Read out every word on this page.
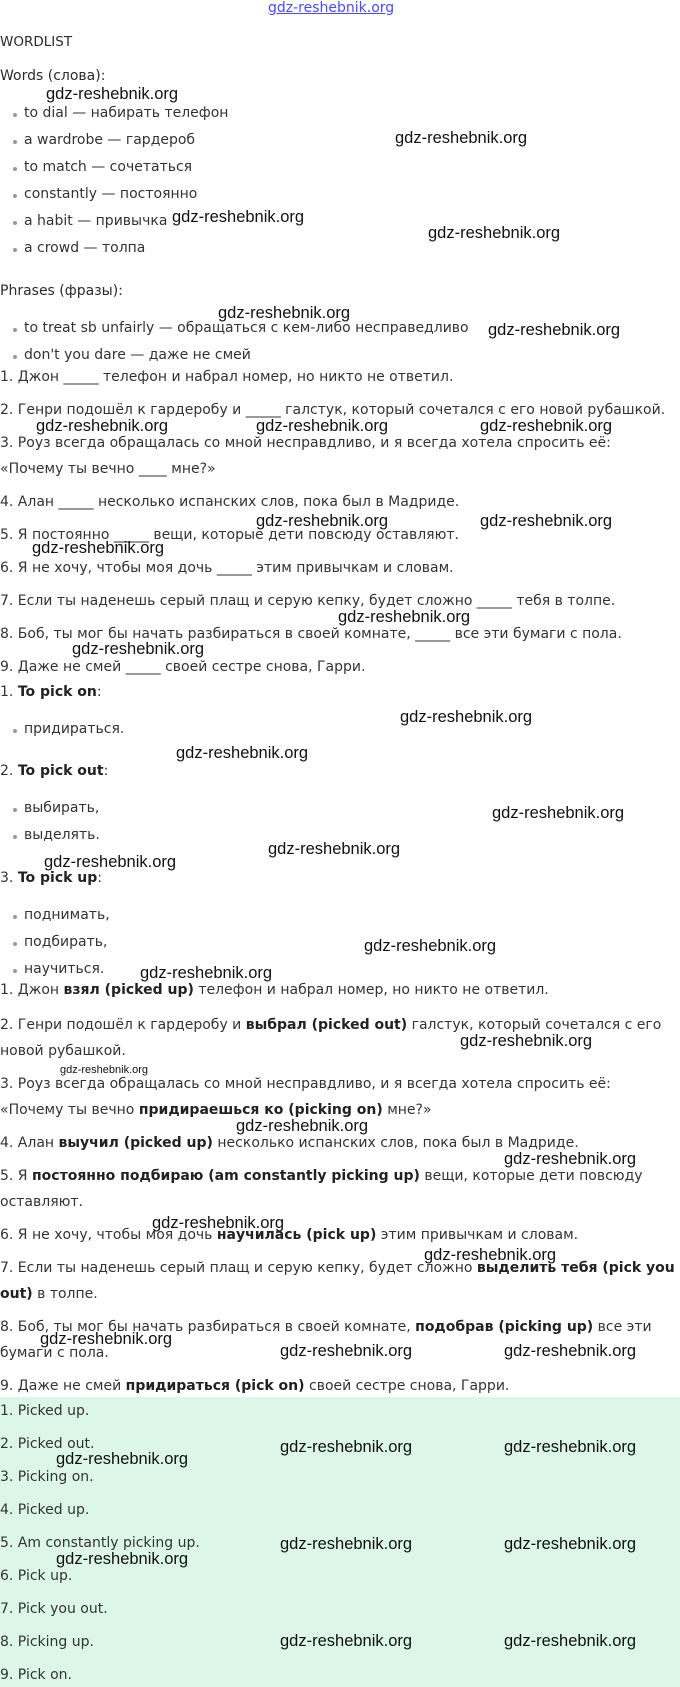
gdz-reshebnik.org
WORDLIST
Words (слова):
to dial — набирать телефон
a wardrobe — гардероб
to match — сочетаться
constantly — постоянно
a habit — привычка
a crowd — толпа
Phrases (фразы):
to treat sb unfairly — обращаться с кем-либо несправедливо
don't you dare — даже не смей
1. Джон _____ телефон и набрал номер, но никто не ответил.
2. Генри подошёл к гардеробу и _____ галстук, который сочетался с его новой рубашкой.
3. Роуз всегда обращалась со мной несправдливо, и я всегда хотела спросить её:
«Почему ты вечно ____ мне?»
4. Алан _____ несколько испанских слов, пока был в Мадриде.
5. Я постоянно _____ вещи, которые дети повсюду оставляют.
6. Я не хочу, чтобы моя дочь _____ этим привычкам и словам.
7. Если ты наденешь серый плащ и серую кепку, будет сложно _____ тебя в толпе.
8. Боб, ты мог бы начать разбираться в своей комнате, _____ все эти бумаги с пола.
9. Даже не смей _____ своей сестре снова, Гарри.
1. To pick on:
придираться.
2. To pick out:
выбирать,
выделять.
3. To pick up:
поднимать,
подбирать,
научиться.
1. Джон взял (picked up) телефон и набрал номер, но никто не ответил.
2. Генри подошёл к гардеробу и выбрал (picked out) галстук, который сочетался с его
новой рубашкой.
3. Роуз всегда обращалась со мной несправдливо, и я всегда хотела спросить её:
«Почему ты вечно придираешься ко (picking on) мне?»
4. Алан выучил (picked up) несколько испанских слов, пока был в Мадриде.
5. Я постоянно подбираю (am constantly picking up) вещи, которые дети повсюду
оставляют.
6. Я не хочу, чтобы моя дочь научилась (pick up) этим привычкам и словам.
7. Если ты наденешь серый плащ и серую кепку, будет сложно выделить тебя (pick you
out) в толпе.
8. Боб, ты мог бы начать разбираться в своей комнате, подобрав (picking up) все эти
бумаги с пола.
9. Даже не смей придираться (pick on) своей сестре снова, Гарри.
1. Picked up.
2. Picked out.
3. Picking on.
4. Picked up.
5. Am constantly picking up.
6. Pick up.
7. Pick you out.
8. Picking up.
9. Pick on.
gdz-reshebnik.org
gdz-reshebnik.org
gdz-reshebnik.org
gdz-reshebnik.org
gdz-reshebnik.org
gdz-reshebnik.org
gdz-reshebnik.org	gdz-reshebnik.org	gdz-reshebnik.org
gdz-reshebnik.org	gdz-reshebnik.org
gdz-reshebnik.org
gdz-reshebnik.org
gdz-reshebnik.org
gdz-reshebnik.org
gdz-reshebnik.org
gdz-reshebnik.org
gdz-reshebnik.org
gdz-reshebnik.org
gdz-reshebnik.org
gdz-reshebnik.org
gdz-reshebnik.org
gdz-reshebnik.org
gdz-reshebnik.org
gdz-reshebnik.org
gdz-reshebnik.org
gdz-reshebnik.org
gdz-reshebnik.org
gdz-reshebnik.org	gdz-reshebnik.org
gdz-reshebnik.org	gdz-reshebnik.org
gdz-reshebnik.org
gdz-reshebnik.org	gdz-reshebnik.org
gdz-reshebnik.org
gdz-reshebnik.org	gdz-reshebnik.org
